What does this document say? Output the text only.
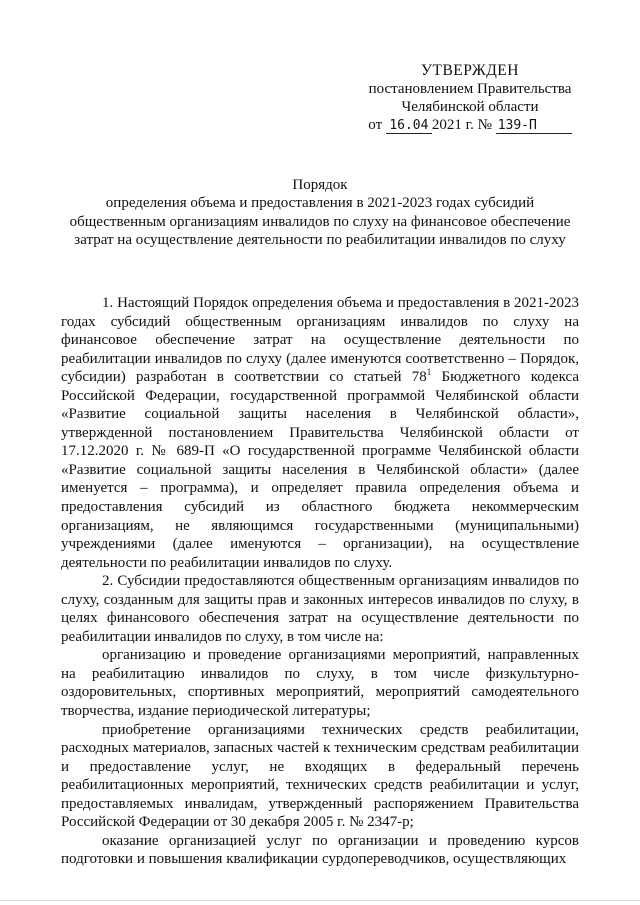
УТВЕРЖДЕН
постановлением Правительства
Челябинской области
от 16.04 2021 г. № 139-П
Порядок
определения объема и предоставления в 2021-2023 годах субсидий
общественным организациям инвалидов по слуху на финансовое обеспечение
затрат на осуществление деятельности по реабилитации инвалидов по слуху

1. Настоящий Порядок определения объема и предоставления в 2021-2023 годах субсидий общественным организациям инвалидов по слуху на финансовое обеспечение затрат на осуществление деятельности по реабилитации инвалидов по слуху (далее именуются соответственно – Порядок, субсидии) разработан в соответствии со статьей $78^1$ Бюджетного кодекса Российской Федерации, государственной программой Челябинской области «Развитие социальной защиты населения в Челябинской области», утвержденной постановлением Правительства Челябинской области от 17.12.2020 г. № 689-П «О государственной программе Челябинской области «Развитие социальной защиты населения в Челябинской области» (далее именуется – программа), и определяет правила определения объема и предоставления субсидий из областного бюджета некоммерческим организациям, не являющимся государственными (муниципальными) учреждениями (далее именуются – организации), на осуществление деятельности по реабилитации инвалидов по слуху.

2. Субсидии предоставляются общественным организациям инвалидов по слуху, созданным для защиты прав и законных интересов инвалидов по слуху, в целях финансового обеспечения затрат на осуществление деятельности по реабилитации инвалидов по слуху, в том числе на:

организацию и проведение организациями мероприятий, направленных на реабилитацию инвалидов по слуху, в том числе физкультурно-оздоровительных, спортивных мероприятий, мероприятий самодеятельного творчества, издание периодической литературы;

приобретение организациями технических средств реабилитации, расходных материалов, запасных частей к техническим средствам реабилитации и предоставление услуг, не входящих в федеральный перечень реабилитационных мероприятий, технических средств реабилитации и услуг, предоставляемых инвалидам, утвержденный распоряжением Правительства Российской Федерации от 30 декабря 2005 г. № 2347-р;

оказание организацией услуг по организации и проведению курсов подготовки и повышения квалификации сурдопереводчиков, осуществляющих
